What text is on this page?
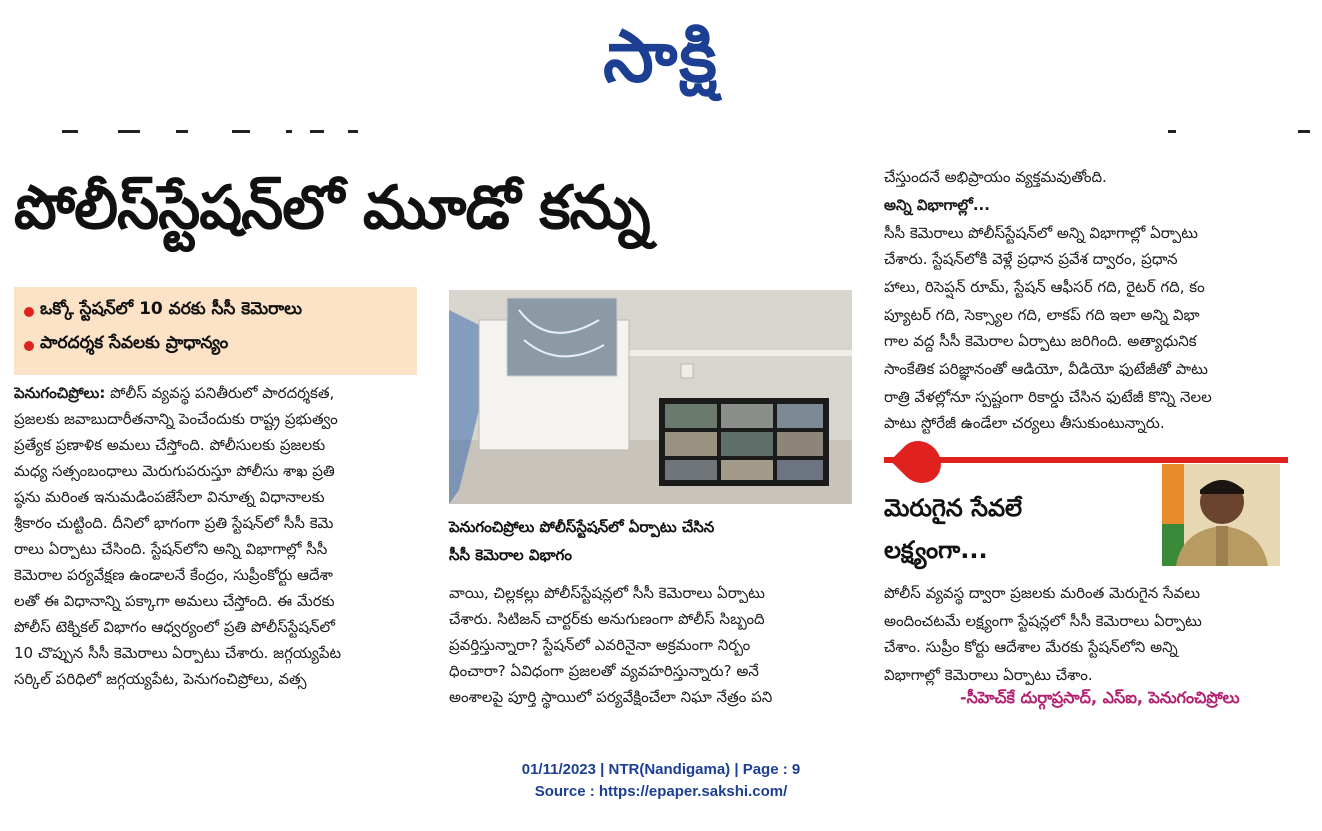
సాక్షి
పోలీస్‌స్టేషన్‌లో మూడో కన్ను
ఒక్కో స్టేషన్‌లో 10 వరకు సీసీ కెమెరాలు
పారదర్శక సేవలకు ప్రాధాన్యం
పెనుగంచిప్రోలు: పోలీస్ వ్యవస్థ పనితీరులో పారదర్శకత,
ప్రజలకు జవాబుదారీతనాన్ని పెంచేందుకు రాష్ట్ర ప్రభుత్వం
ప్రత్యేక ప్రణాళిక అమలు చేస్తోంది. పోలీసులకు ప్రజలకు
మధ్య సత్సంబంధాలు మెరుగుపరుస్తూ పోలీసు శాఖ ప్రతి
ష్ఠను మరింత ఇనుమడింపజేసేలా వినూత్న విధానాలకు
శ్రీకారం చుట్టింది. దీనిలో భాగంగా ప్రతి స్టేషన్‌లో సీసీ కెమె
రాలు ఏర్పాటు చేసింది. స్టేషన్‌లోని అన్ని విభాగాల్లో సీసీ
కెమెరాల పర్యవేక్షణ ఉండాలనే కేంద్రం, సుప్రీంకోర్టు ఆదేశా
లతో ఈ విధానాన్ని పక్కాగా అమలు చేస్తోంది. ఈ మేరకు
పోలీస్ టెక్నికల్ విభాగం ఆధ్వర్యంలో ప్రతి పోలీస్‌స్టేషన్‌లో
10 చొప్పున సీసీ కెమెరాలు ఏర్పాటు చేశారు. జగ్గయ్యపేట
సర్కిల్ పరిధిలో జగ్గయ్యపేట, పెనుగంచిప్రోలు, వత్స
పెనుగంచిప్రోలు పోలీస్‌స్టేషన్‌లో ఏర్పాటు చేసిన
సీసీ కెమెరాల విభాగం
వాయి, చిల్లకల్లు పోలీస్‌స్టేషన్లలో సీసీ కెమెరాలు ఏర్పాటు
చేశారు. సిటిజన్ చార్టర్‌కు అనుగుణంగా పోలీస్ సిబ్బంది
ప్రవర్తిస్తున్నారా? స్టేషన్‌లో ఎవరినైనా అక్రమంగా నిర్బం
ధించారా? ఏవిధంగా ప్రజలతో వ్యవహరిస్తున్నారు? అనే
అంశాలపై పూర్తి స్థాయిలో పర్యవేక్షించేలా నిఘా నేత్రం పని
చేస్తుందనే అభిప్రాయం వ్యక్తమవుతోంది.
అన్ని విభాగాల్లో...
సీసీ కెమెరాలు పోలీస్‌స్టేషన్‌లో అన్ని విభాగాల్లో ఏర్పాటు
చేశారు. స్టేషన్‌లోకి వెళ్లే ప్రధాన ప్రవేశ ద్వారం, ప్రధాన
హాలు, రిసెప్షన్ రూమ్, స్టేషన్ ఆఫీసర్ గది, రైటర్ గది, కం
ప్యూటర్ గది, సెక్స్యాల గది, లాకప్ గది ఇలా అన్ని విభా
గాల వద్ద సీసీ కెమెరాల ఏర్పాటు జరిగింది. అత్యాధునిక
సాంకేతిక పరిజ్ఞానంతో ఆడియో, వీడియో ఫుటేజీతో పాటు
రాత్రి వేళల్లోనూ స్పష్టంగా రికార్డు చేసిన ఫుటేజీ కొన్ని నెలల
పాటు స్టోరేజీ ఉండేలా చర్యలు తీసుకుంటున్నారు.
మెరుగైన సేవలే
లక్ష్యంగా...
పోలీస్ వ్యవస్థ ద్వారా ప్రజలకు మరింత మెరుగైన సేవలు
అందించటమే లక్ష్యంగా స్టేషన్లలో సీసీ కెమెరాలు ఏర్పాటు
చేశాం. సుప్రీం కోర్టు ఆదేశాల మేరకు స్టేషన్‌లోని అన్ని
విభాగాల్లో కెమెరాలు ఏర్పాటు చేశాం.
-సీహెచ్‌కే దుర్గాప్రసాద్, ఎస్ఐ, పెనుగంచిప్రోలు
01/11/2023 | NTR(Nandigama) | Page : 9
Source : https://epaper.sakshi.com/
